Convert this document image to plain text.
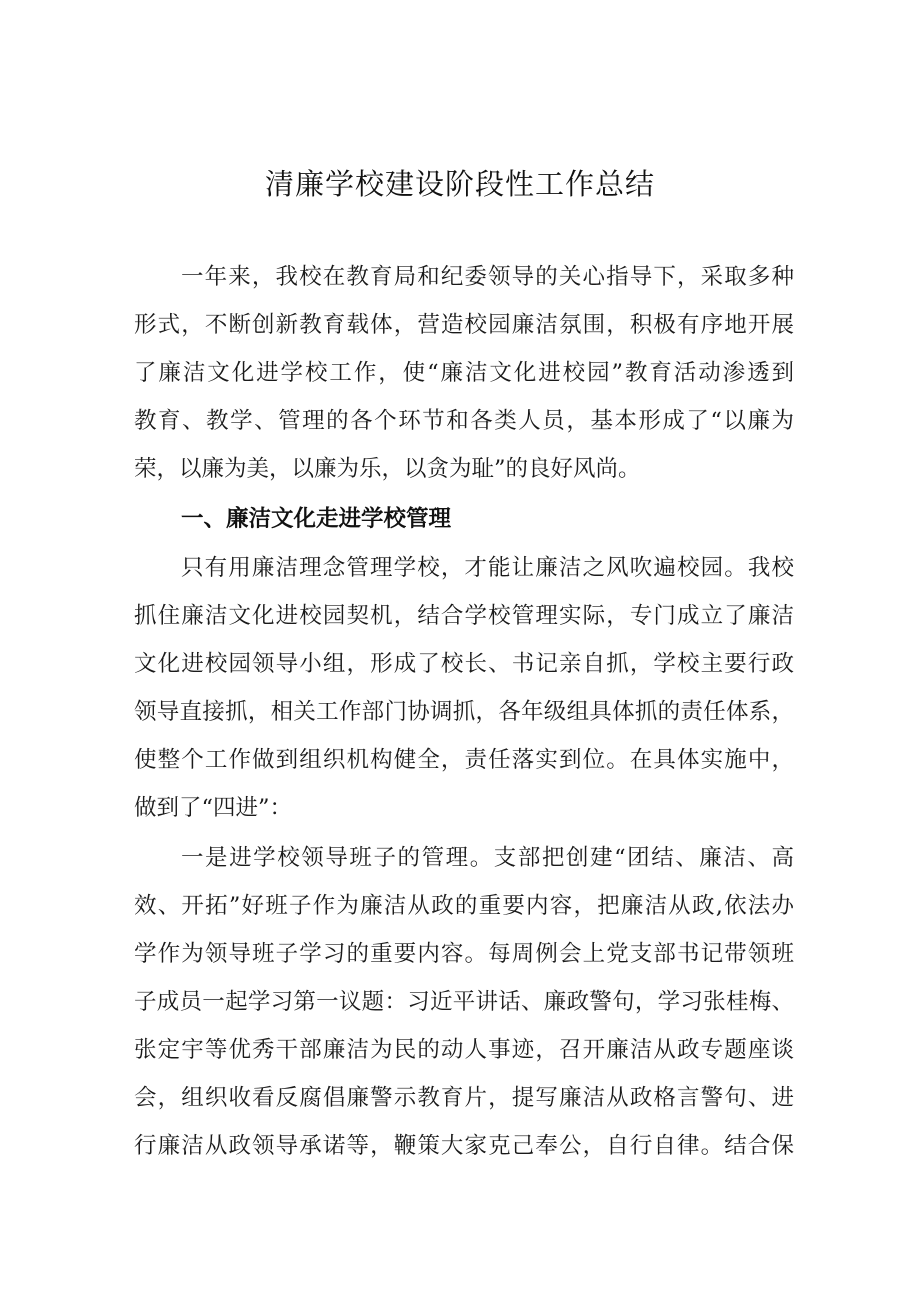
清廉学校建设阶段性工作总结

一年来，我校在教育局和纪委领导的关心指导下，采取多种
形式，不断创新教育载体，营造校园廉洁氛围，积极有序地开展
了廉洁文化进学校工作，使“廉洁文化进校园”教育活动渗透到
教育、教学、管理的各个环节和各类人员，基本形成了“以廉为
荣，以廉为美，以廉为乐，以贪为耻”的良好风尚。

一、廉洁文化走进学校管理

只有用廉洁理念管理学校，才能让廉洁之风吹遍校园。我校
抓住廉洁文化进校园契机，结合学校管理实际，专门成立了廉洁
文化进校园领导小组，形成了校长、书记亲自抓，学校主要行政
领导直接抓，相关工作部门协调抓，各年级组具体抓的责任体系，
使整个工作做到组织机构健全，责任落实到位。在具体实施中，
做到了“四进”：

一是进学校领导班子的管理。支部把创建“团结、廉洁、高
效、开拓”好班子作为廉洁从政的重要内容，把廉洁从政,依法办
学作为领导班子学习的重要内容。每周例会上党支部书记带领班
子成员一起学习第一议题：习近平讲话、廉政警句，学习张桂梅、
张定宇等优秀干部廉洁为民的动人事迹，召开廉洁从政专题座谈
会，组织收看反腐倡廉警示教育片，提写廉洁从政格言警句、进
行廉洁从政领导承诺等，鞭策大家克己奉公，自行自律。结合保
